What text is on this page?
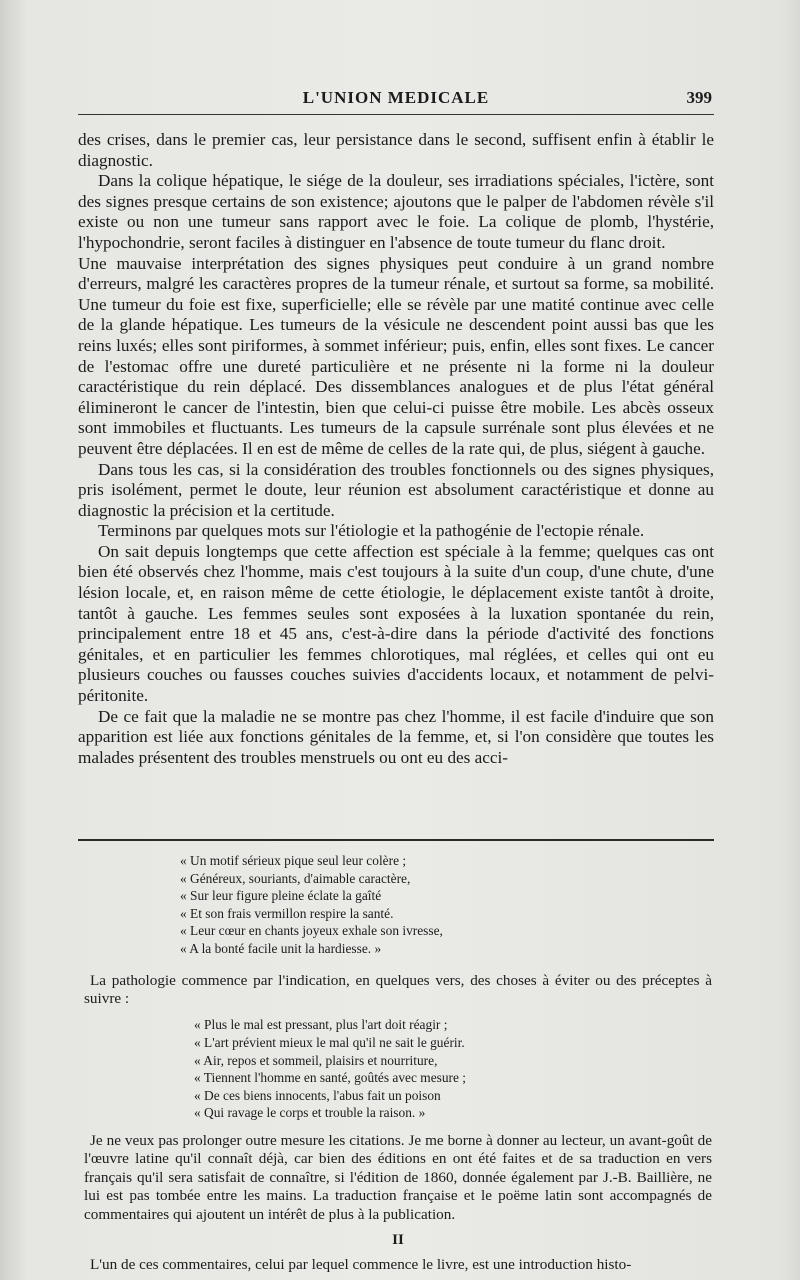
L'UNION MEDICALE	399

des crises, dans le premier cas, leur persistance dans le second, suffisent enfin à établir le diagnostic.

Dans la colique hépatique, le siége de la douleur, ses irradiations spéciales, l'ictère, sont des signes presque certains de son existence; ajoutons que le palper de l'abdomen révèle s'il existe ou non une tumeur sans rapport avec le foie. La colique de plomb, l'hystérie, l'hypochondrie, seront faciles à distinguer en l'absence de toute tumeur du flanc droit.

Une mauvaise interprétation des signes physiques peut conduire à un grand nombre d'erreurs, malgré les caractères propres de la tumeur rénale, et surtout sa forme, sa mobilité. Une tumeur du foie est fixe, superficielle; elle se révèle par une matité continue avec celle de la glande hépatique. Les tumeurs de la vésicule ne descendent point aussi bas que les reins luxés; elles sont piriformes, à sommet inférieur; puis, enfin, elles sont fixes. Le cancer de l'estomac offre une dureté particulière et ne présente ni la forme ni la douleur caractéristique du rein déplacé. Des dissemblances analogues et de plus l'état général élimineront le cancer de l'intestin, bien que celui-ci puisse être mobile. Les abcès osseux sont immobiles et fluctuants. Les tumeurs de la capsule surrénale sont plus élevées et ne peuvent être déplacées. Il en est de même de celles de la rate qui, de plus, siégent à gauche.

Dans tous les cas, si la considération des troubles fonctionnels ou des signes physiques, pris isolément, permet le doute, leur réunion est absolument caractéristique et donne au diagnostic la précision et la certitude.

Terminons par quelques mots sur l'étiologie et la pathogénie de l'ectopie rénale.

On sait depuis longtemps que cette affection est spéciale à la femme; quelques cas ont bien été observés chez l'homme, mais c'est toujours à la suite d'un coup, d'une chute, d'une lésion locale, et, en raison même de cette étiologie, le déplacement existe tantôt à droite, tantôt à gauche. Les femmes seules sont exposées à la luxation spontanée du rein, principalement entre 18 et 45 ans, c'est-à-dire dans la période d'activité des fonctions génitales, et en particulier les femmes chlorotiques, mal réglées, et celles qui ont eu plusieurs couches ou fausses couches suivies d'accidents locaux, et notamment de pelvi-péritonite.

De ce fait que la maladie ne se montre pas chez l'homme, il est facile d'induire que son apparition est liée aux fonctions génitales de la femme, et, si l'on considère que toutes les malades présentent des troubles menstruels ou ont eu des acci-

« Un motif sérieux pique seul leur colère ;
« Généreux, souriants, d'aimable caractère,
« Sur leur figure pleine éclate la gaîté
« Et son frais vermillon respire la santé.
« Leur cœur en chants joyeux exhale son ivresse,
« A la bonté facile unit la hardiesse. »

La pathologie commence par l'indication, en quelques vers, des choses à éviter ou des préceptes à suivre :

« Plus le mal est pressant, plus l'art doit réagir ;
« L'art prévient mieux le mal qu'il ne sait le guérir.
« Air, repos et sommeil, plaisirs et nourriture,
« Tiennent l'homme en santé, goûtés avec mesure ;
« De ces biens innocents, l'abus fait un poison
« Qui ravage le corps et trouble la raison. »

Je ne veux pas prolonger outre mesure les citations. Je me borne à donner au lecteur, un avant-goût de l'œuvre latine qu'il connaît déjà, car bien des éditions en ont été faites et de sa traduction en vers français qu'il sera satisfait de connaître, si l'édition de 1860, donnée également par J.-B. Baillière, ne lui est pas tombée entre les mains. La traduction française et le poëme latin sont accompagnés de commentaires qui ajoutent un intérêt de plus à la publication.

II

L'un de ces commentaires, celui par lequel commence le livre, est une introduction histo-
